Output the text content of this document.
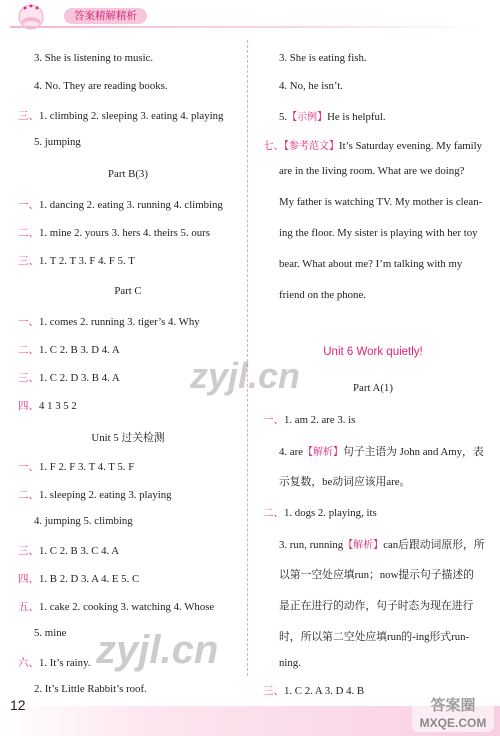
答案精解精析
3. She is listening to music.
4. No. They are reading books.
三、1. climbing 2. sleeping 3. eating 4. playing
5. jumping
Part B(3)
一、1. dancing 2. eating 3. running 4. climbing
二、1. mine 2. yours 3. hers 4. theirs 5. ours
三、1. T 2. T 3. F 4. F 5. T
Part C
一、1. comes 2. running 3. tiger’s 4. Why
二、1. C 2. B 3. D 4. A
三、1. C 2. D 3. B 4. A
四、4 1 3 5 2
Unit 5 过关检测
一、1. F 2. F 3. T 4. T 5. F
二、1. sleeping 2. eating 3. playing
4. jumping 5. climbing
三、1. C 2. B 3. C 4. A
四、1. B 2. D 3. A 4. E 5. C
五、1. cake 2. cooking 3. watching 4. Whose
5. mine
六、1. It’s rainy.
2. It’s Little Rabbit’s roof.
3. She is eating fish.
4. No, he isn’t.
5.【示例】He is helpful.
七、【参考范文】It’s Saturday evening. My family
are in the living room. What are we doing?
My father is watching TV. My mother is clean-
ing the floor. My sister is playing with her toy
bear. What about me? I’m talking with my
friend on the phone.
Unit 6 Work quietly!
Part A(1)
一、1. am 2. are 3. is
4. are【解析】句子主语为 John and Amy，表
示复数，be动词应该用are。
二、1. dogs 2. playing, its
3. run, running【解析】can后跟动词原形，所
以第一空处应填run；now提示句子描述的
是正在进行的动作，句子时态为现在进行
时，所以第二空处应填run的-ing形式run-
ning.
三、1. C 2. A 3. D 4. B
zyjl.cn
zyjl.cn
12	答案圈
MXQE.COM
